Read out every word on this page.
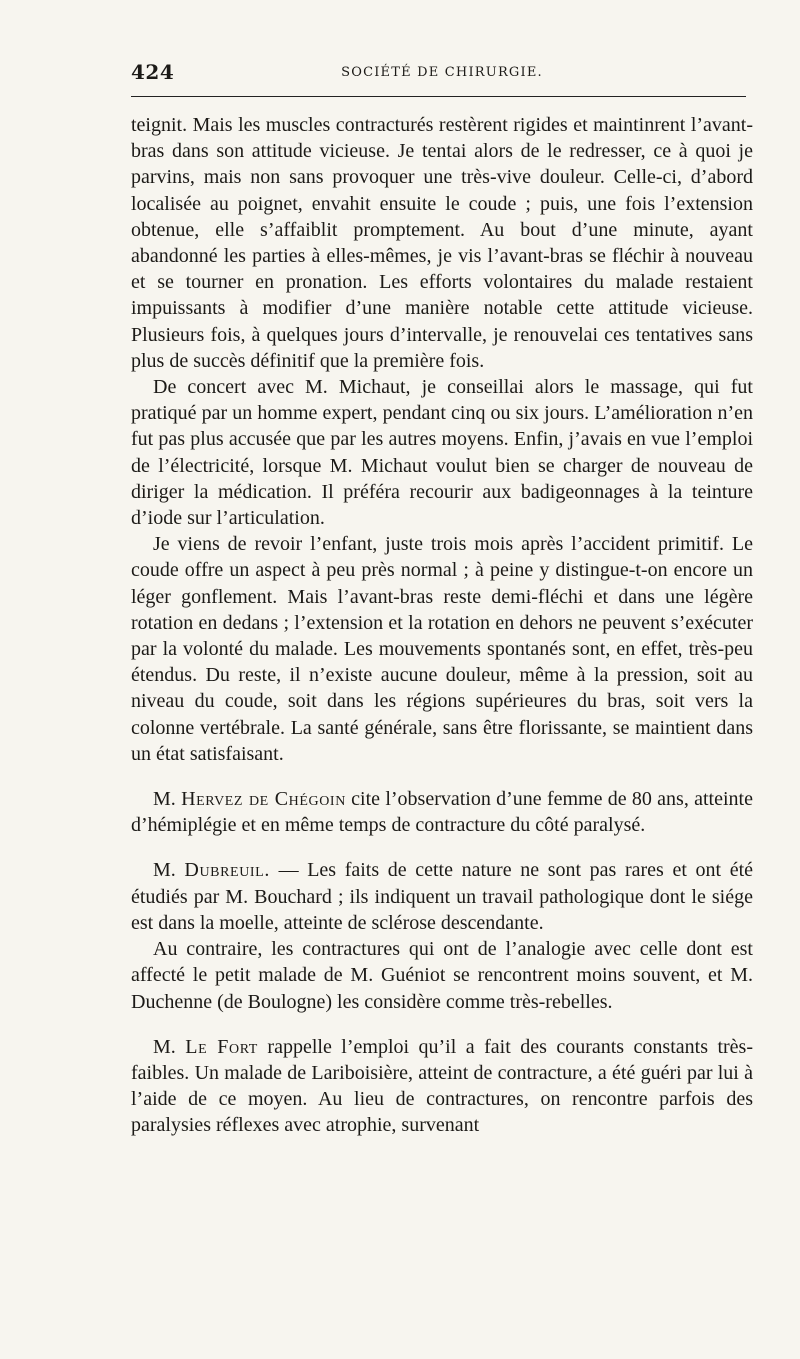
424	SOCIÉTÉ DE CHIRURGIE.

teignit. Mais les muscles contracturés restèrent rigides et maintinrent l’avant-bras dans son attitude vicieuse. Je tentai alors de le redresser, ce à quoi je parvins, mais non sans provoquer une très-vive douleur. Celle-ci, d’abord localisée au poignet, envahit ensuite le coude ; puis, une fois l’extension obtenue, elle s’affaiblit promptement. Au bout d’une minute, ayant abandonné les parties à elles-mêmes, je vis l’avant-bras se fléchir à nouveau et se tourner en pronation. Les efforts volontaires du malade restaient impuissants à modifier d’une manière notable cette attitude vicieuse. Plusieurs fois, à quelques jours d’intervalle, je renouvelai ces tentatives sans plus de succès définitif que la première fois.

De concert avec M. Michaut, je conseillai alors le massage, qui fut pratiqué par un homme expert, pendant cinq ou six jours. L’amélioration n’en fut pas plus accusée que par les autres moyens. Enfin, j’avais en vue l’emploi de l’électricité, lorsque M. Michaut voulut bien se charger de nouveau de diriger la médication. Il préféra recourir aux badigeonnages à la teinture d’iode sur l’articulation.

Je viens de revoir l’enfant, juste trois mois après l’accident primitif. Le coude offre un aspect à peu près normal ; à peine y distingue-t-on encore un léger gonflement. Mais l’avant-bras reste demi-fléchi et dans une légère rotation en dedans ; l’extension et la rotation en dehors ne peuvent s’exécuter par la volonté du malade. Les mouvements spontanés sont, en effet, très-peu étendus. Du reste, il n’existe aucune douleur, même à la pression, soit au niveau du coude, soit dans les régions supérieures du bras, soit vers la colonne vertébrale. La santé générale, sans être florissante, se maintient dans un état satisfaisant.

M. Hervez de Chégoin cite l’observation d’une femme de 80 ans, atteinte d’hémiplégie et en même temps de contracture du côté paralysé.

M. Dubreuil. — Les faits de cette nature ne sont pas rares et ont été étudiés par M. Bouchard ; ils indiquent un travail pathologique dont le siége est dans la moelle, atteinte de sclérose descendante.

Au contraire, les contractures qui ont de l’analogie avec celle dont est affecté le petit malade de M. Guéniot se rencontrent moins souvent, et M. Duchenne (de Boulogne) les considère comme très-rebelles.

M. Le Fort rappelle l’emploi qu’il a fait des courants constants très-faibles. Un malade de Lariboisière, atteint de contracture, a été guéri par lui à l’aide de ce moyen. Au lieu de contractures, on rencontre parfois des paralysies réflexes avec atrophie, survenant
